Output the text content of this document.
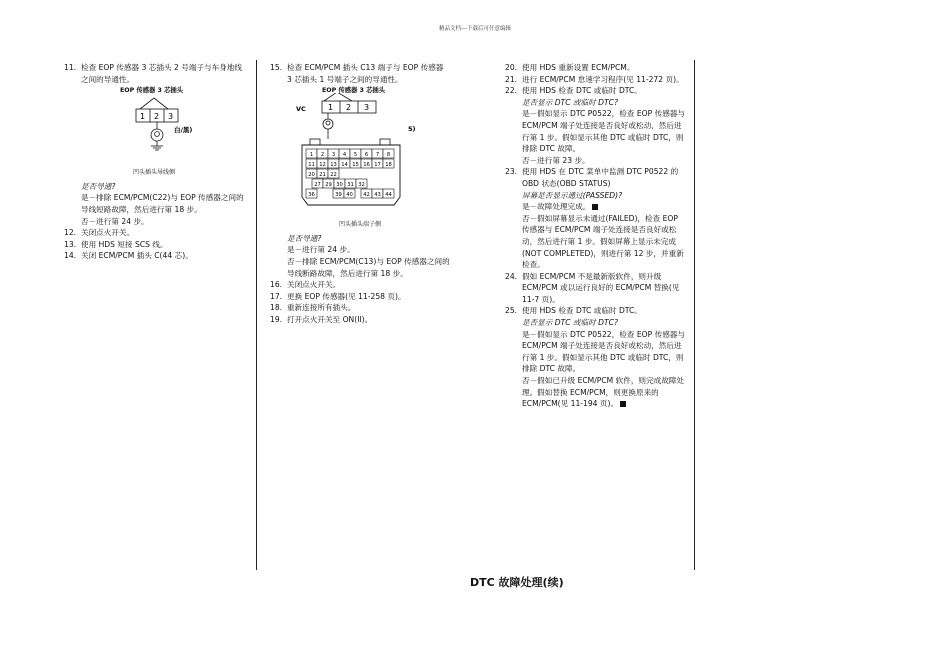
精品文档---下载后可任意编辑

11. 检查 EOP 传感器 3 芯插头 2 号端子与车身地线之间的导通性。

EOP 传感器 3 芯插头
1 2 3
白/黑)
凹头插头导线侧

是否导通?

是－排除 ECM/PCM(C22)与 EOP 传感器之间的导线短路故障，然后进行第 18 步。

否－进行第 24 步。

12. 关闭点火开关。

13. 使用 HDS 短接 SCS 线。

14. 关闭 ECM/PCM 插头 C(44 芯)。

15. 检查 ECM/PCM 插头 C13 端子与 EOP 传感器 3 芯插头 1 号端子之间的导通性。

EOP 传感器 3 芯插头
VC	1 2 3
5)
1 2 3 4 5 6 7 8
11 12 13 14 15 16 17 18
20 21 22
27 29 30 31 32
36	39 40 42 43 44
凹头插头端子侧

是否导通?

是－进行第 24 步。

否－排除 ECM/PCM(C13)与 EOP 传感器之间的导线断路故障，然后进行第 18 步。

16. 关闭点火开关。

17. 更换 EOP 传感器(见 11-258 页)。

18. 重新连接所有插头。

19. 打开点火开关至 ON(II)。

20. 使用 HDS 重新设置 ECM/PCM。

21. 进行 ECM/PCM 怠速学习程序(见 11-272 页)。

22. 使用 HDS 检查 DTC 或临时 DTC。

是否显示 DTC 或临时 DTC?

是－假如显示 DTC P0522，检查 EOP 传感器与 ECM/PCM 端子处连接是否良好或松动，然后进行第 1 步。假如显示其他 DTC 或临时 DTC，则排除 DTC 故障。

否－进行第 23 步。

23. 使用 HDS 在 DTC 菜单中监测 DTC P0522 的 OBD 状态(OBD STATUS)

屏幕是否显示通过(PASSED)?

是－故障处理完成。

否－假如屏幕显示未通过(FAILED)，检查 EOP 传感器与 ECM/PCM 端子处连接是否良好或松动，然后进行第 1 步。假如屏幕上显示未完成(NOT COMPLETED)，则进行第 12 步，并重新检查。

24. 假如 ECM/PCM 不是最新版软件，则升级 ECM/PCM 或以运行良好的 ECM/PCM 替换(见 11-7 页)。

25. 使用 HDS 检查 DTC 或临时 DTC。

是否显示 DTC 或临时 DTC?

是－假如显示 DTC P0522，检查 EOP 传感器与 ECM/PCM 端子处连接是否良好或松动，然后进行第 1 步。假如显示其他 DTC 或临时 DTC，则排除 DTC 故障。

否－假如已升级 ECM/PCM 软件，则完成故障处理。假如替换 ECM/PCM，则更换原来的 ECM/PCM(见 11-194 页)。

DTC 故障处理(续)
